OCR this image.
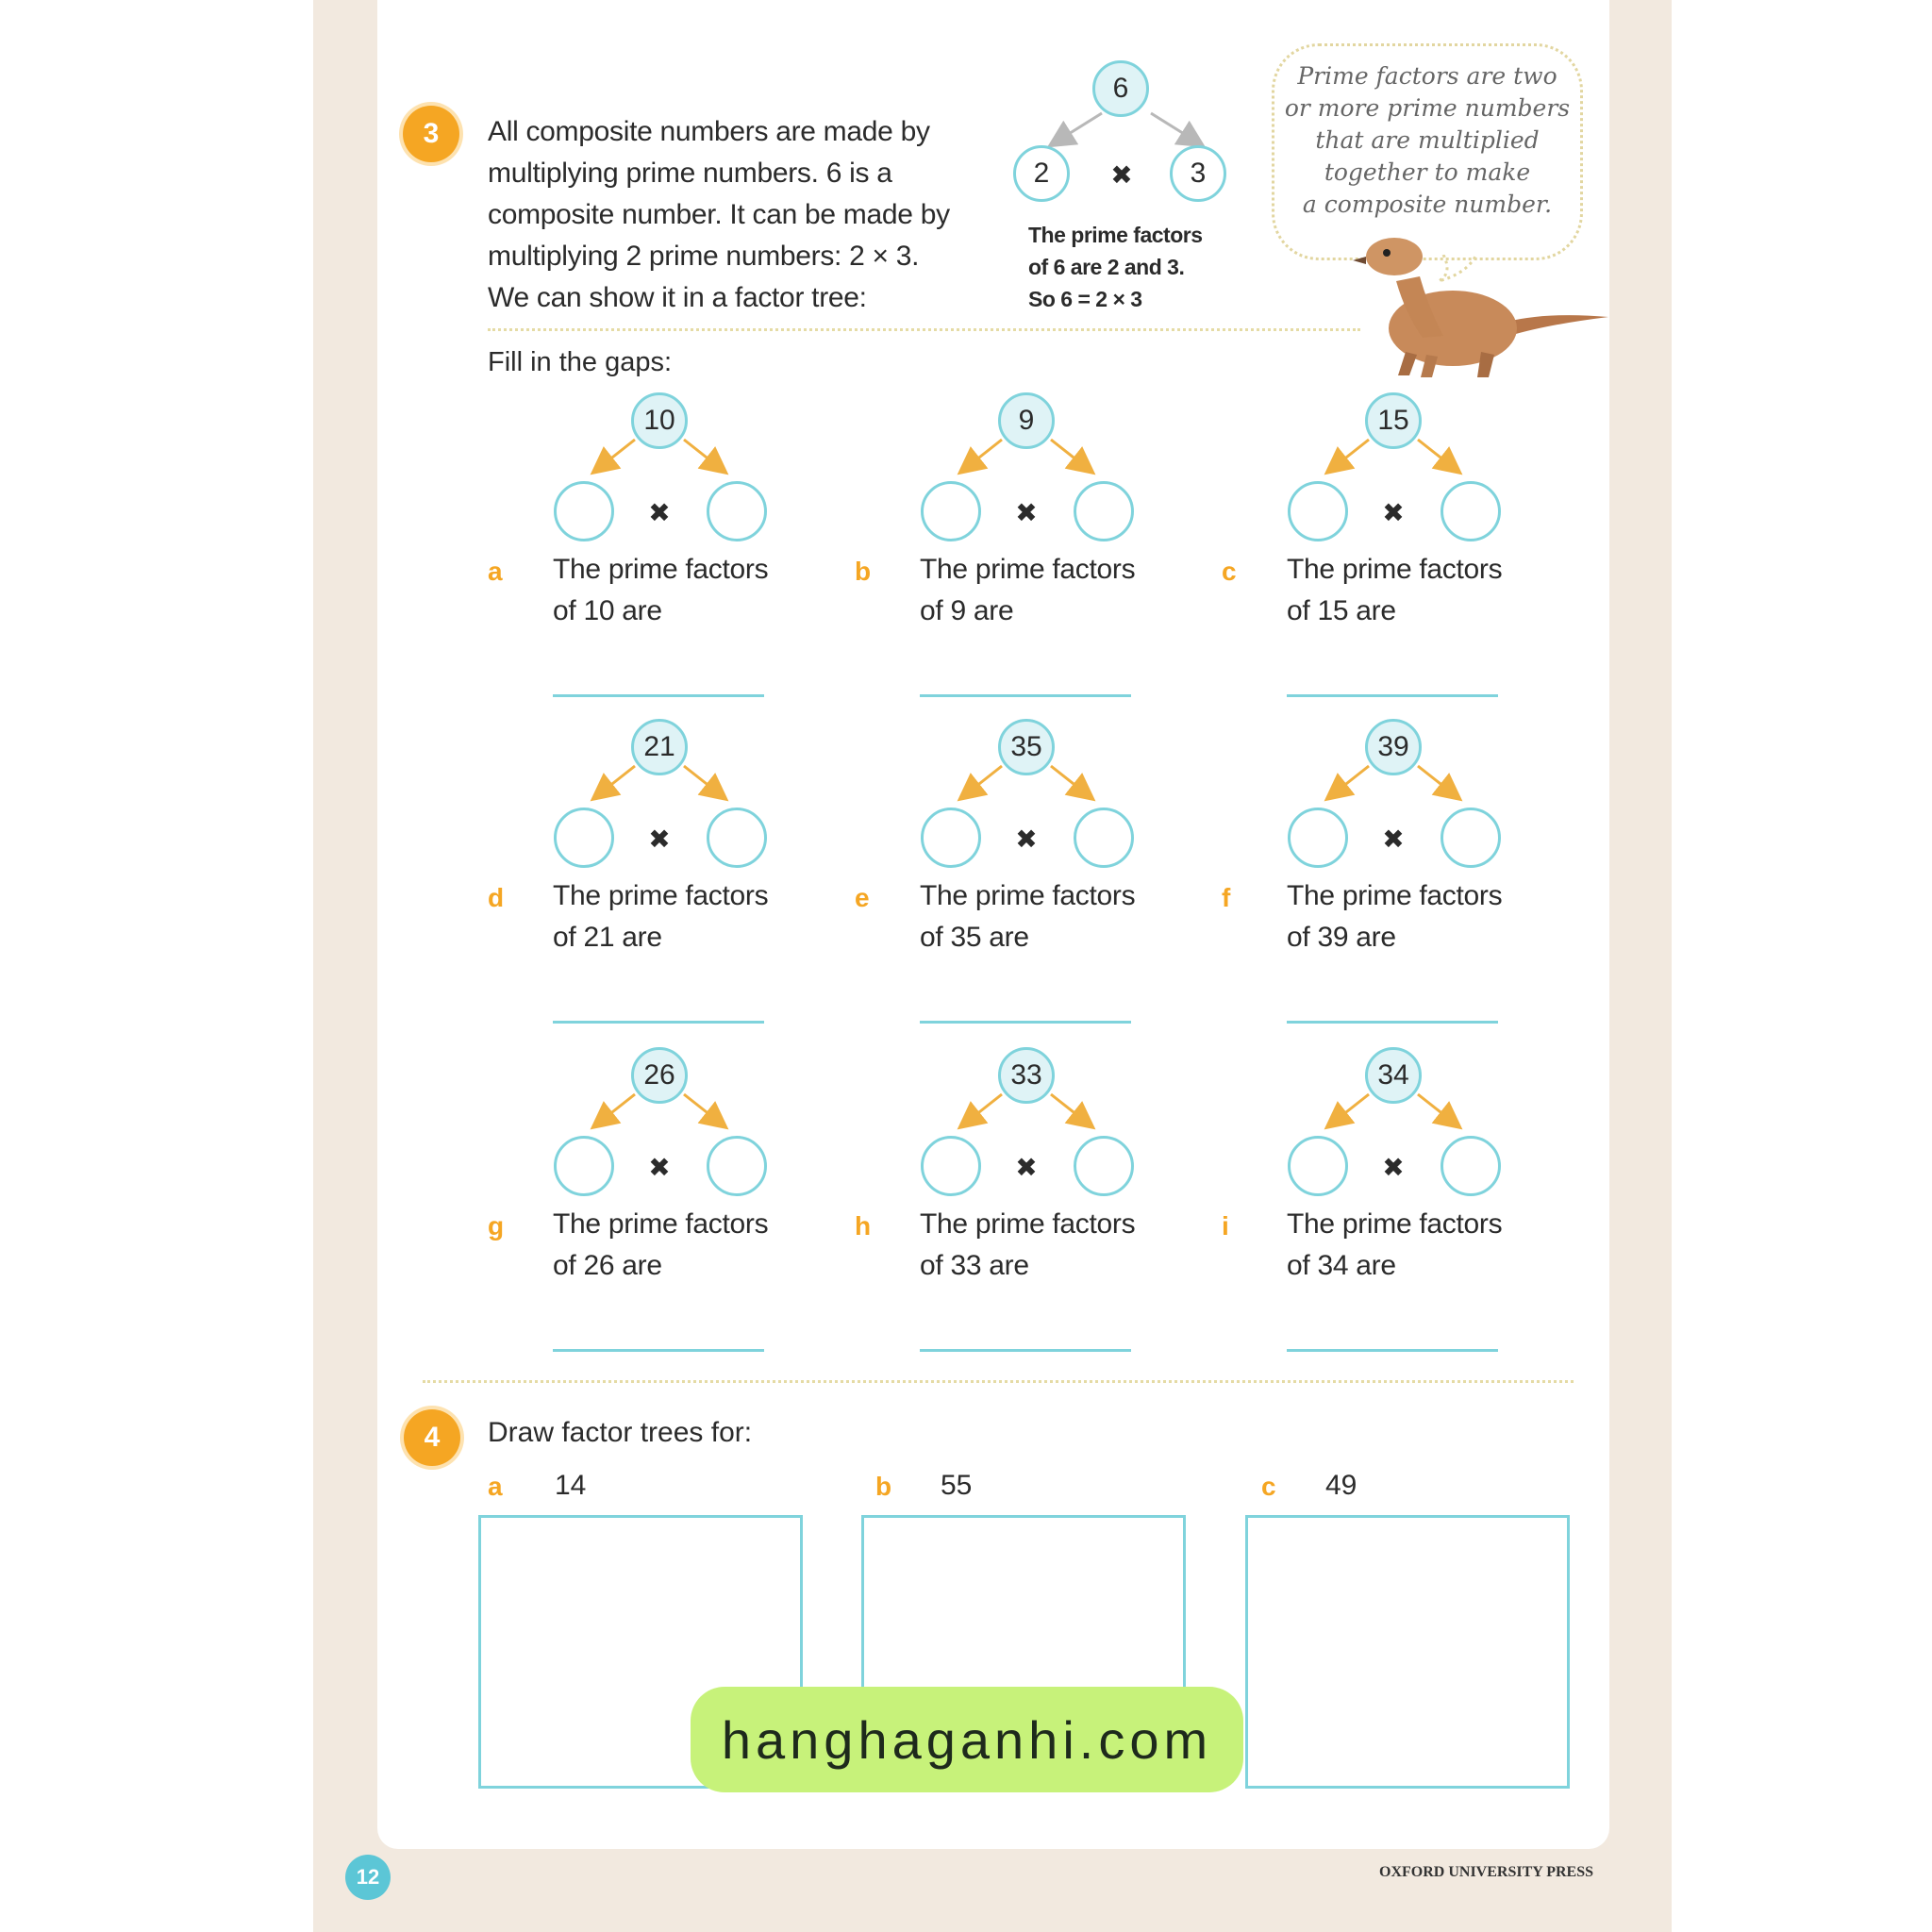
3	All composite numbers are made by
multiplying prime numbers. 6 is a
composite number. It can be made by
multiplying 2 prime numbers: 2 × 3.
We can show it in a factor tree:
6
2	3
✖
The prime factors
of 6 are 2 and 3.
So 6 = 2 × 3
Prime factors are two
or more prime numbers
that are multiplied
together to make
a composite number.
Fill in the gaps:
10
✖
a The prime factors
of 10 are
9
✖
b The prime factors
of 9 are
15
✖
c The prime factors
of 15 are
21
✖
d The prime factors
of 21 are
35
✖
e The prime factors
of 35 are
39
✖
f The prime factors
of 39 are
26
✖
g The prime factors
of 26 are
33
✖
h The prime factors
of 33 are
34
✖
i The prime factors
of 34 are
4	Draw factor trees for:
a 14	b 55	c 49
hanghaganhi.com
12	OXFORD UNIVERSITY PRESS
